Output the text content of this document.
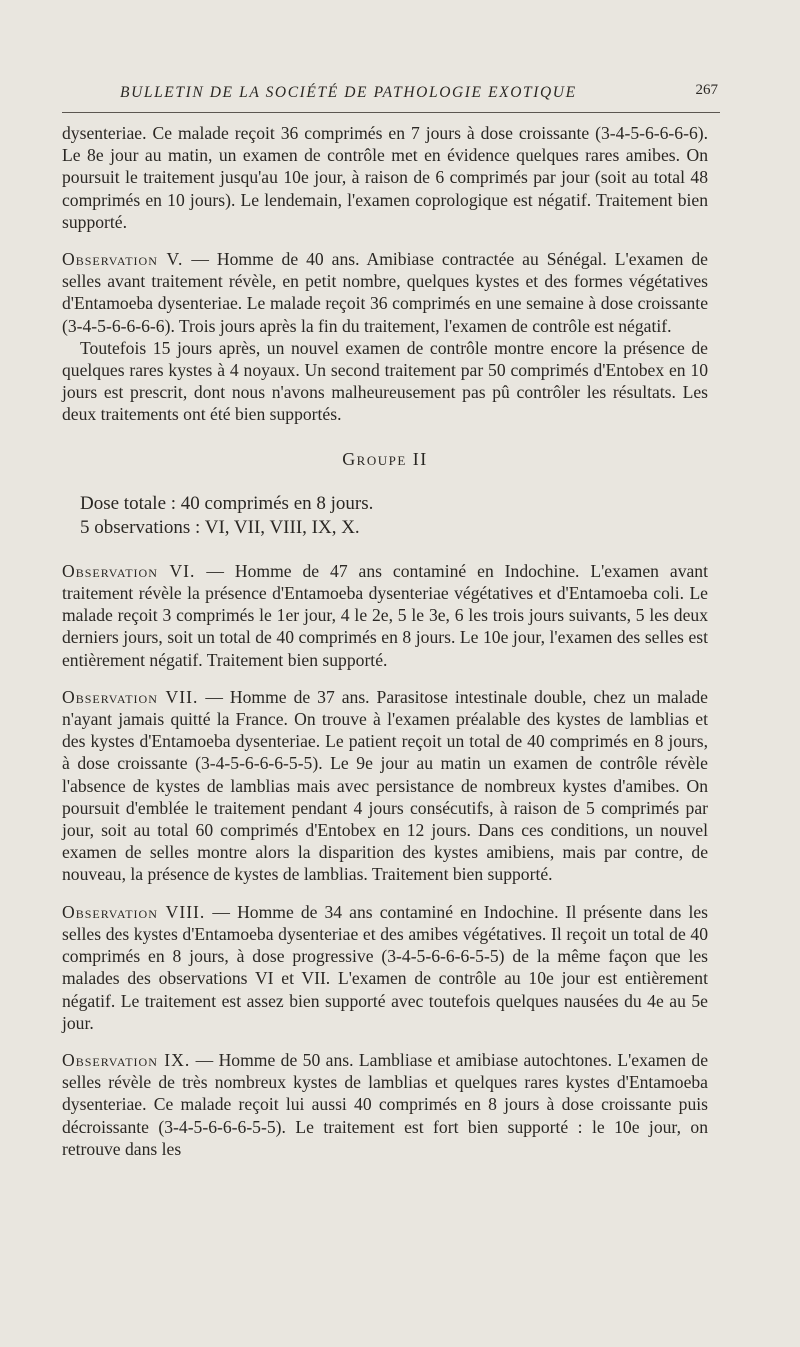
BULLETIN DE LA SOCIÉTÉ DE PATHOLOGIE EXOTIQUE	267

dysenteriae. Ce malade reçoit 36 comprimés en 7 jours à dose croissante (3-4-5-6-6-6-6). Le 8e jour au matin, un examen de contrôle met en évidence quelques rares amibes. On poursuit le traitement jusqu'au 10e jour, à raison de 6 comprimés par jour (soit au total 48 comprimés en 10 jours). Le lendemain, l'examen coprologique est négatif. Traitement bien supporté.

Observation V. — Homme de 40 ans. Amibiase contractée au Sénégal. L'examen de selles avant traitement révèle, en petit nombre, quelques kystes et des formes végétatives d'Entamoeba dysenteriae. Le malade reçoit 36 comprimés en une semaine à dose croissante (3-4-5-6-6-6-6). Trois jours après la fin du traitement, l'examen de contrôle est négatif.

Toutefois 15 jours après, un nouvel examen de contrôle montre encore la présence de quelques rares kystes à 4 noyaux. Un second traitement par 50 comprimés d'Entobex en 10 jours est prescrit, dont nous n'avons malheureusement pas pû contrôler les résultats. Les deux traitements ont été bien supportés.

Groupe II
Dose totale : 40 comprimés en 8 jours.
5 observations : VI, VII, VIII, IX, X.

Observation VI. — Homme de 47 ans contaminé en Indochine. L'examen avant traitement révèle la présence d'Entamoeba dysenteriae végétatives et d'Entamoeba coli. Le malade reçoit 3 comprimés le 1er jour, 4 le 2e, 5 le 3e, 6 les trois jours suivants, 5 les deux derniers jours, soit un total de 40 comprimés en 8 jours. Le 10e jour, l'examen des selles est entièrement négatif. Traitement bien supporté.

Observation VII. — Homme de 37 ans. Parasitose intestinale double, chez un malade n'ayant jamais quitté la France. On trouve à l'examen préalable des kystes de lamblias et des kystes d'Entamoeba dysenteriae. Le patient reçoit un total de 40 comprimés en 8 jours, à dose croissante (3-4-5-6-6-6-5-5). Le 9e jour au matin un examen de contrôle révèle l'absence de kystes de lamblias mais avec persistance de nombreux kystes d'amibes. On poursuit d'emblée le traitement pendant 4 jours consécutifs, à raison de 5 comprimés par jour, soit au total 60 comprimés d'Entobex en 12 jours. Dans ces conditions, un nouvel examen de selles montre alors la disparition des kystes amibiens, mais par contre, de nouveau, la présence de kystes de lamblias. Traitement bien supporté.

Observation VIII. — Homme de 34 ans contaminé en Indochine. Il présente dans les selles des kystes d'Entamoeba dysenteriae et des amibes végétatives. Il reçoit un total de 40 comprimés en 8 jours, à dose progressive (3-4-5-6-6-6-5-5) de la même façon que les malades des observations VI et VII. L'examen de contrôle au 10e jour est entièrement négatif. Le traitement est assez bien supporté avec toutefois quelques nausées du 4e au 5e jour.

Observation IX. — Homme de 50 ans. Lambliase et amibiase autochtones. L'examen de selles révèle de très nombreux kystes de lamblias et quelques rares kystes d'Entamoeba dysenteriae. Ce malade reçoit lui aussi 40 comprimés en 8 jours à dose croissante puis décroissante (3-4-5-6-6-6-5-5). Le traitement est fort bien supporté : le 10e jour, on retrouve dans les
